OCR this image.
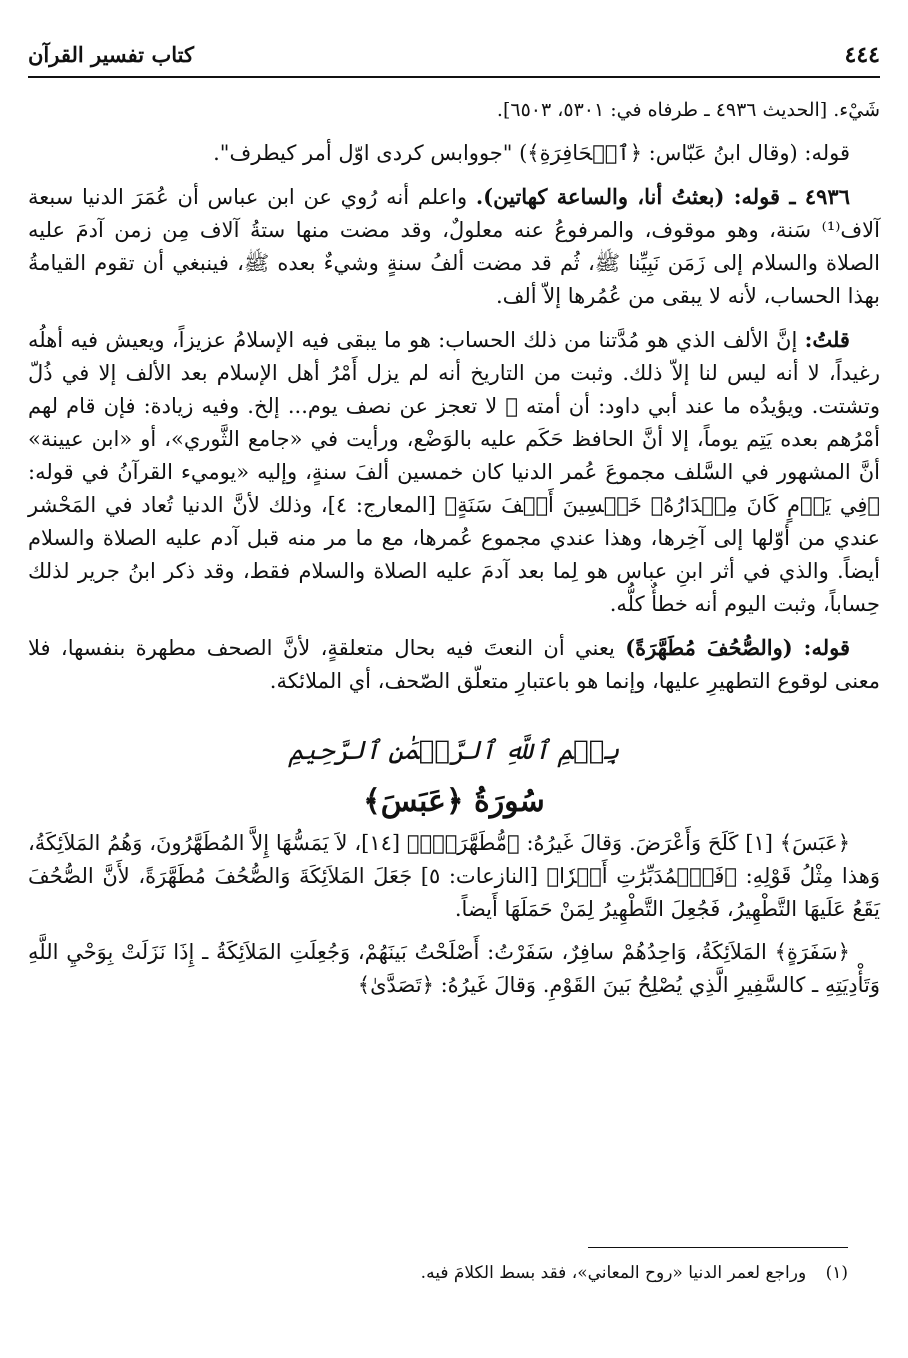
٤٤٤
كتاب تفسير القرآن

شَيْء. [الحديث ٤٩٣٦ ـ طرفاه في: ٥٣٠١، ٦٥٠٣].

قوله: (وقال ابنُ عَبّاس: ﴿ٱلۡحَافِرَةِ﴾) "جووابس كردى اوّل أمر كيطرف".

٤٩٣٦ ـ قوله: (بعثتُ أنا، والساعة كهاتين). واعلم أنه رُوي عن ابن عباس أن عُمَرَ الدنيا سبعة آلاف⁽¹⁾ سَنة، وهو موقوف، والمرفوعُ عنه معلولٌ، وقد مضت منها ستةُ آلاف مِن زمن آدمَ عليه الصلاة والسلام إلى زَمَن نَبِيِّنا ﷺ، ثُم قد مضت ألفُ سنةٍ وشيءٌ بعده ﷺ، فينبغي أن تقوم القيامةُ بهذا الحساب، لأنه لا يبقى من عُمُرها إلاّ ألف.

قلتُ: إنَّ الألف الذي هو مُدَّتنا من ذلك الحساب: هو ما يبقى فيه الإسلامُ عزيزاً، ويعيش فيه أهلُه رغيداً، لا أنه ليس لنا إلاّ ذلك. وثبت من التاريخ أنه لم يزل أَمْرُ أهل الإسلام بعد الألف إلا في ذُلّ وتشتت. ويؤيدُه ما عند أبي داود: أن أمته ﷺ لا تعجز عن نصف يوم... إلخ. وفيه زيادة: فإن قام لهم أمْرُهم بعده يَتِم يوماً، إلا أنَّ الحافظ حَكَم عليه بالوَضْع، ورأيت في «جامع الثَّوري»، أو «ابن عيينة» أنَّ المشهور في السَّلف مجموعَ عُمر الدنيا كان خمسين ألفَ سنةٍ، وإليه «يوميء القرآنُ في قوله: ﴿فِي يَوۡمٍ كَانَ مِقۡدَارُهُۥ خَمۡسِينَ أَلۡفَ سَنَةٍ﴾ [المعارج: ٤]، وذلك لأنَّ الدنيا تُعاد في المَحْشر عندي من أوّلها إلى آخِرها، وهذا عندي مجموع عُمرها، مع ما مر منه قبل آدم عليه الصلاة والسلام أيضاً. والذي في أثر ابنِ عباس هو لِما بعد آدمَ عليه الصلاة والسلام فقط، وقد ذكر ابنُ جرير لذلك حِساباً، وثبت اليوم أنه خطأٌ كلُّه.

قوله: (والصُّحُفَ مُطَهَّرَةً) يعني أن النعتَ فيه بحال متعلقةٍ، لأنَّ الصحف مطهرة بنفسها، فلا معنى لوقوع التطهيرِ عليها، وإنما هو باعتبارِ متعلّق الصّحف، أي الملائكة.

بِسۡمِ ٱللَّهِ ٱلرَّحۡمَٰنِ ٱلرَّحِيمِ
سُورَةُ ﴿عَبَسَ﴾

﴿عَبَسَ﴾ [١] كَلَحَ وَأَعْرَضَ. وَقالَ غَيرُهُ: ﴿مُّطَهَّرَةِۭ﴾ [١٤]، لاَ يَمَسُّهَا إِلاَّ المُطَهَّرُونَ، وَهُمُ المَلاَئِكَةُ، وَهذا مِثْلُ قَوْلِهِ: ﴿فَٱلۡمُدَبِّرَٰتِ أَمۡرٗا﴾ [النازعات: ٥] جَعَلَ المَلاَئِكَةَ وَالصُّحُفَ مُطَهَّرَةً، لأَنَّ الصُّحُفَ يَقَعُ عَلَيهَا التَّطْهِيرُ، فَجُعِلَ التَّطْهِيرُ لِمَنْ حَمَلَهَا أَيضاً.

﴿سَفَرَةٍ﴾ المَلاَئِكَةُ، وَاحِدُهُمْ سافِرٌ، سَفَرْتُ: أَصْلَحْتُ بَينَهُمْ، وَجُعِلَتِ المَلاَئِكَةُ ـ إِذَا نَزَلَتْ بِوَحْيِ اللَّهِ وَتَأْدِيَتِهِ ـ كالسَّفِيرِ الَّذِي يُصْلِحُ بَينَ القَوْمِ. وَقالَ غَيرُهُ: ﴿تَصَدَّىٰ﴾

(١) وراجع لعمر الدنيا «روح المعاني»، فقد بسط الكلامَ فيه.
